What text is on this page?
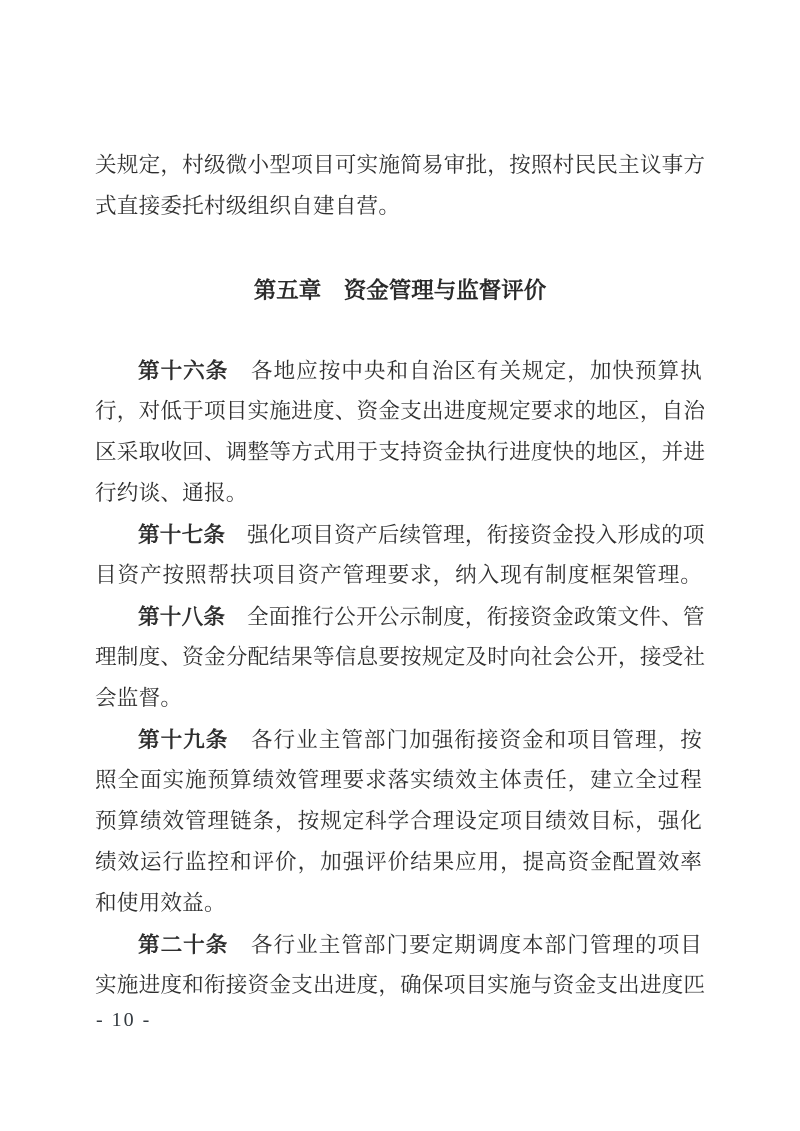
关规定，村级微小型项目可实施简易审批，按照村民民主议事方
式直接委托村级组织自建自营。
第五章　资金管理与监督评价
第十六条　各地应按中央和自治区有关规定，加快预算执
行，对低于项目实施进度、资金支出进度规定要求的地区，自治
区采取收回、调整等方式用于支持资金执行进度快的地区，并进
行约谈、通报。
第十七条　强化项目资产后续管理，衔接资金投入形成的项
目资产按照帮扶项目资产管理要求，纳入现有制度框架管理。
第十八条　全面推行公开公示制度，衔接资金政策文件、管
理制度、资金分配结果等信息要按规定及时向社会公开，接受社
会监督。
第十九条　各行业主管部门加强衔接资金和项目管理，按
照全面实施预算绩效管理要求落实绩效主体责任，建立全过程
预算绩效管理链条，按规定科学合理设定项目绩效目标，强化
绩效运行监控和评价，加强评价结果应用，提高资金配置效率
和使用效益。
第二十条　各行业主管部门要定期调度本部门管理的项目
实施进度和衔接资金支出进度，确保项目实施与资金支出进度匹
- 10 -
